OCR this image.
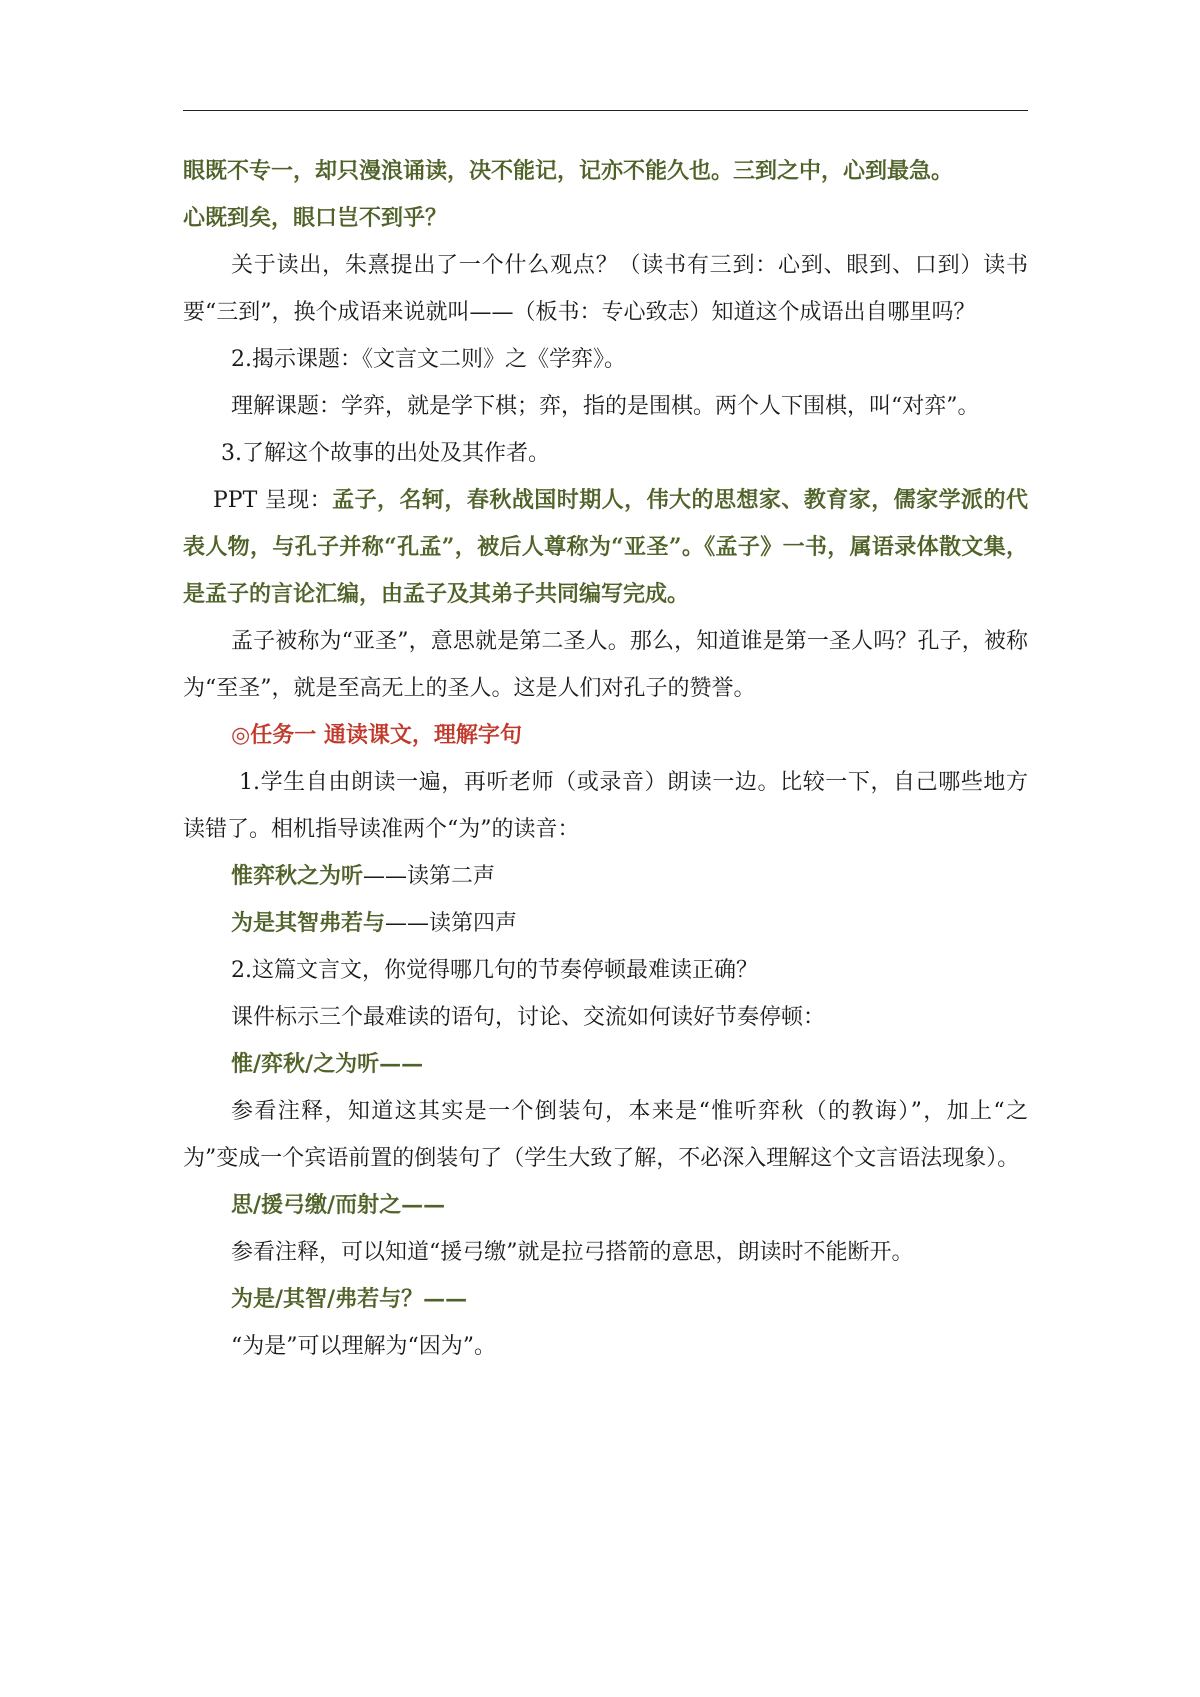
眼既不专一，却只漫浪诵读，决不能记，记亦不能久也。三到之中，心到最急。

心既到矣，眼口岂不到乎？

关于读出，朱熹提出了一个什么观点？（读书有三到：心到、眼到、口到）读书要“三到”，换个成语来说就叫——（板书：专心致志）知道这个成语出自哪里吗？

2.揭示课题：《文言文二则》之《学弈》。

理解课题：学弈，就是学下棋；弈，指的是围棋。两个人下围棋，叫“对弈”。

3.了解这个故事的出处及其作者。

PPT 呈现：孟子，名轲，春秋战国时期人，伟大的思想家、教育家，儒家学派的代表人物，与孔子并称“孔孟”，被后人尊称为“亚圣”。《孟子》一书，属语录体散文集，是孟子的言论汇编，由孟子及其弟子共同编写完成。

孟子被称为“亚圣”，意思就是第二圣人。那么，知道谁是第一圣人吗？孔子，被称为“至圣”，就是至高无上的圣人。这是人们对孔子的赞誉。

◎任务一 通读课文，理解字句

1.学生自由朗读一遍，再听老师（或录音）朗读一边。比较一下，自己哪些地方读错了。相机指导读准两个“为”的读音：

惟弈秋之为听——读第二声

为是其智弗若与——读第四声

2.这篇文言文，你觉得哪几句的节奏停顿最难读正确？

课件标示三个最难读的语句，讨论、交流如何读好节奏停顿：

惟/弈秋/之为听——

参看注释，知道这其实是一个倒装句，本来是“惟听弈秋（的教诲）”，加上“之为”变成一个宾语前置的倒装句了（学生大致了解，不必深入理解这个文言语法现象）。

思/援弓缴/而射之——

参看注释，可以知道“援弓缴”就是拉弓搭箭的意思，朗读时不能断开。

为是/其智/弗若与？——

“为是”可以理解为“因为”。
